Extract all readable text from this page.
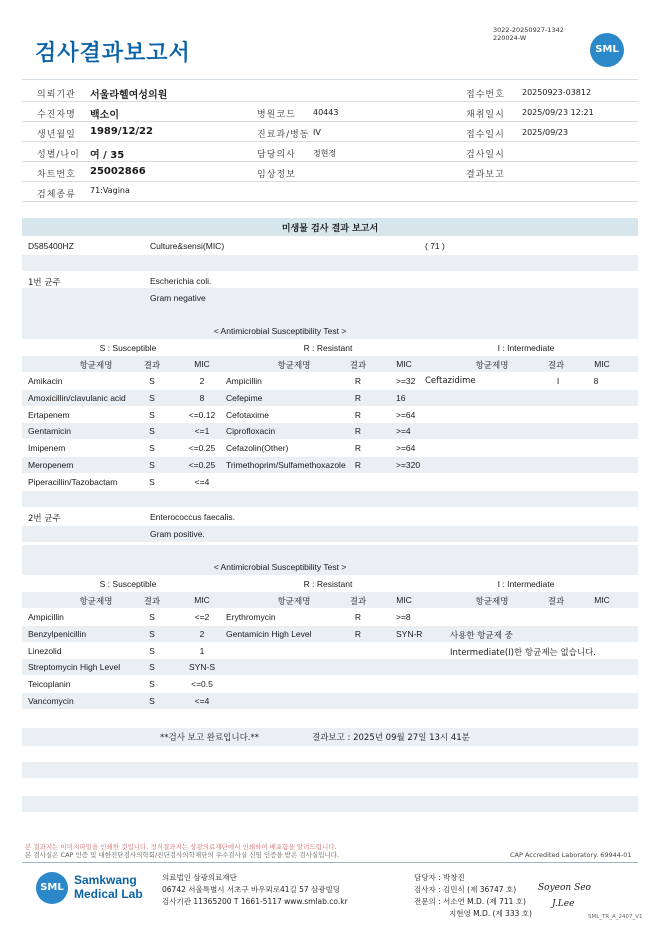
검사결과보고서
3022-20250927-1342
220024-W
SML
의뢰기관 서울라헬여성의원	접수번호 20250923-03812
수진자명 백소이	병원코드 40443	채취일시 2025/09/23 12:21
생년월일 1989/12/22	진료과/병동 IV	접수일시 2025/09/23
성별/나이 여 / 35	담당의사 정현정	검사일시
차트번호 25002866	임상정보	결과보고
검체종류 71:Vagina
미생물 검사 결과 보고서
D585400HZ	Culture&sensi(MIC)	( 71 )
1번 균주	Escherichia coli.
Gram negative
< Antimicrobial Susceptibility Test >
S : Susceptible	R : Resistant	I : Intermediate
항균제명	결과	MIC	항균제명	결과	MIC	항균제명	결과	MIC
Amikacin	S	2	Ampicillin	R	>=32 Ceftazidime	I	8
Amoxicillin/clavulanic acid	S	8	Cefepime	R	16
Ertapenem	S	<=0.12 Cefotaxime	R	>=64
Gentamicin	S	<=1 Ciprofloxacin	R	>=4
Imipenem	S	<=0.25 Cefazolin(Other)	R	>=64
Meropenem	S	<=0.25 Trimethoprim/Sulfamethoxazole R	>=320
Piperacillin/Tazobactam	S	<=4
2번 균주	Enterococcus faecalis.
Gram positive.
< Antimicrobial Susceptibility Test >
S : Susceptible	R : Resistant	I : Intermediate
항균제명	결과	MIC	항균제명	결과	MIC	항균제명	결과	MIC
Ampicillin	S	<=2 Erythromycin	R	>=8
Benzylpenicillin	S	2	Gentamicin High Level	R	SYN-R	사용한 항균제 중
Linezolid	S	1	Intermediate(I)한 항균제는 없습니다.
Streptomycin High Level	S	SYN-S
Teicoplanin	S	<=0.5
Vancomycin	S	<=4
**검사 보고 완료입니다.**	결과보고 : 2025년 09월 27일 13시 41분
본 결과지는 이미지파일을 인쇄한 것입니다. 정식결과지는 상광의료재단에서 인쇄하여 배포함을 알려드립니다.
본 검사실은 CAP 인증 및 대한진단검사의학회/진단검사의학재단의 우수검사실 신임 인증을 받은 검사실입니다.	CAP Accredited Laboratory. 69944-01
SML
Samkwang
Medical Lab
의료법인 삼광의료재단
06742 서울특별시 서초구 바우뫼로41길 57 삼광빌딩
검사기관 11365200 T 1661-5117 www.smlab.co.kr
담당자 : 박창진
검사자 : 김민식 (제 36747 호)
전문의 : 서소연 M.D. (제 711 호)
지현영 M.D. (제 333 호)
Soyeon Seo
J.Lee
SML_TR_A_2407_V1
